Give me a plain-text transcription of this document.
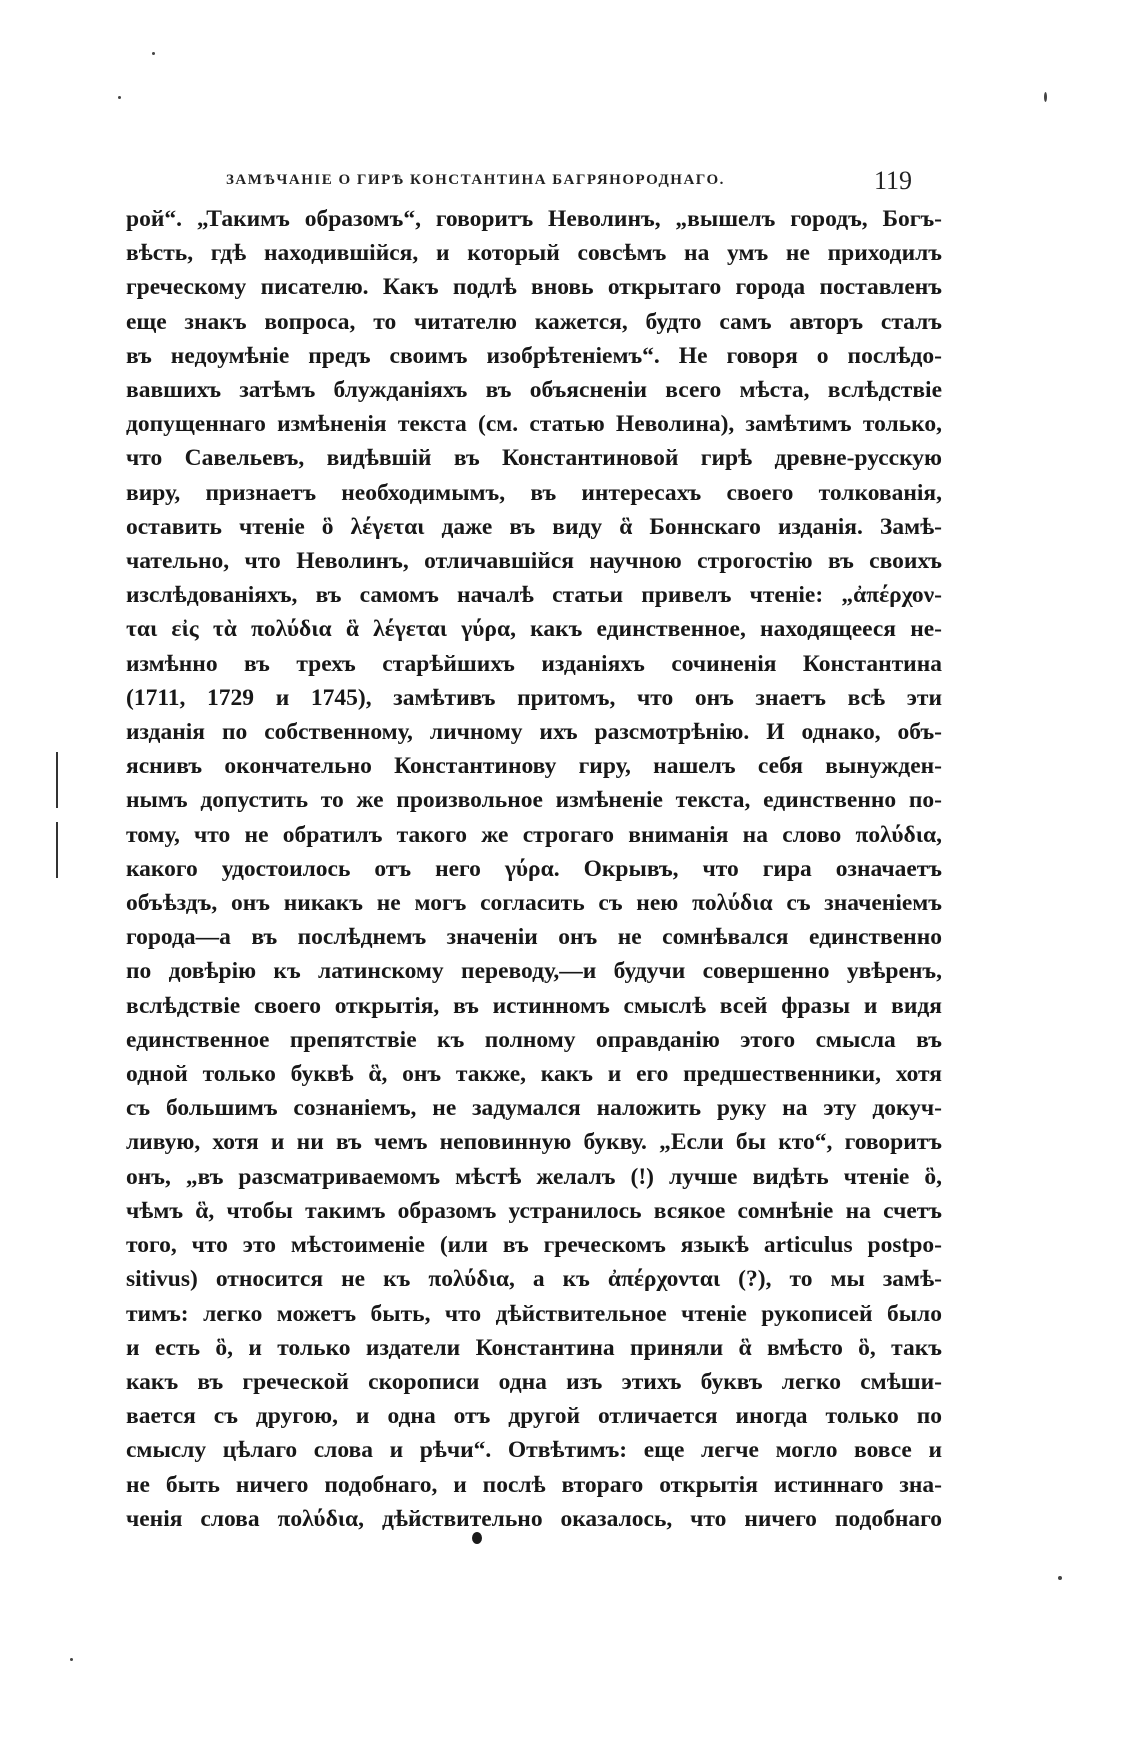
ЗАМѢЧАНІЕ О ГИРѢ КОНСТАНТИНА БАГРЯНОРОДНАГО.	119
рой“. „Такимъ образомъ“, говоритъ Неволинъ, „вышелъ городъ, Богъ-
вѣсть, гдѣ находившійся, и который совсѣмъ на умъ не приходилъ
греческому писателю. Какъ подлѣ вновь открытаго города поставленъ
еще знакъ вопроса, то читателю кажется, будто самъ авторъ сталъ
въ недоумѣніе предъ своимъ изобрѣтеніемъ“. Не говоря о послѣдо-
вавшихъ затѣмъ блужданіяхъ въ объясненіи всего мѣста, вслѣдствіе
допущеннаго измѣненія текста (см. статью Неволина), замѣтимъ только,
что Савельевъ, видѣвшій въ Константиновой гирѣ древне-русскую
виру, признаетъ необходимымъ, въ интересахъ своего толкованія,
оставить чтеніе ὃ λέγεται даже въ виду ἃ Боннскаго изданія. Замѣ-
чательно, что Неволинъ, отличавшійся научною строгостію въ своихъ
изслѣдованіяхъ, въ самомъ началѣ статьи привелъ чтеніе: „ἀπέρχον-
ται εἰς τὰ πολύδια ἃ λέγεται γύρα, какъ единственное, находящееся не-
измѣнно въ трехъ старѣйшихъ изданіяхъ сочиненія Константина
(1711, 1729 и 1745), замѣтивъ притомъ, что онъ знаетъ всѣ эти
изданія по собственному, личному ихъ разсмотрѣнію. И однако, объ-
яснивъ окончательно Константинову гиру, нашелъ себя вынужден-
нымъ допустить то же произвольное измѣненіе текста, единственно по-
тому, что не обратилъ такого же строгаго вниманія на слово πολύδια,
какого удостоилось отъ него γύρα. Окрывъ, что гира означаетъ
объѣздъ, онъ никакъ не могъ согласить съ нею πολύδια съ значеніемъ
города—а въ послѣднемъ значеніи онъ не сомнѣвался единственно
по довѣрію къ латинскому переводу,—и будучи совершенно увѣренъ,
вслѣдствіе своего открытія, въ истинномъ смыслѣ всей фразы и видя
единственное препятствіе къ полному оправданію этого смысла въ
одной только буквѣ ἃ, онъ также, какъ и его предшественники, хотя
съ большимъ сознаніемъ, не задумался наложить руку на эту докуч-
ливую, хотя и ни въ чемъ неповинную букву. „Если бы кто“, говоритъ
онъ, „въ разсматриваемомъ мѣстѣ желалъ (!) лучше видѣть чтеніе ὃ,
чѣмъ ἃ, чтобы такимъ образомъ устранилось всякое сомнѣніе на счетъ
того, что это мѣстоименіе (или въ греческомъ языкѣ articulus postpo-
sitivus) относится не къ πολύδια, а къ ἀπέρχονται (?), то мы замѣ-
тимъ: легко можетъ быть, что дѣйствительное чтеніе рукописей было
и есть ὃ, и только издатели Константина приняли ἃ вмѣсто ὃ, такъ
какъ въ греческой скорописи одна изъ этихъ буквъ легко смѣши-
вается съ другою, и одна отъ другой отличается иногда только по
смыслу цѣлаго слова и рѣчи“. Отвѣтимъ: еще легче могло вовсе и
не быть ничего подобнаго, и послѣ втораго открытія истиннаго зна-
ченія слова πολύδια, дѣйствительно оказалось, что ничего подобнаго
